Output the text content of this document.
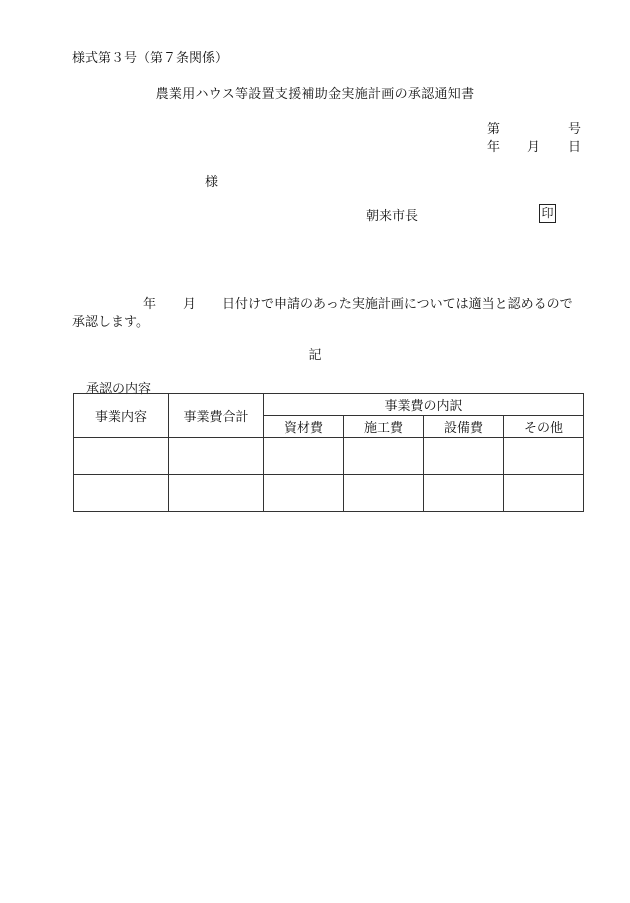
様式第３号（第７条関係）
農業用ハウス等設置支援補助金実施計画の承認通知書
第	号
年 月 日
様
朝来市長	印
年 月 日付けで申請のあった実施計画については適当と認めるので
承認します。
記
承認の内容
事業内容	事業費合計	事業費の内訳			
		資材費	施工費	設備費	その他
